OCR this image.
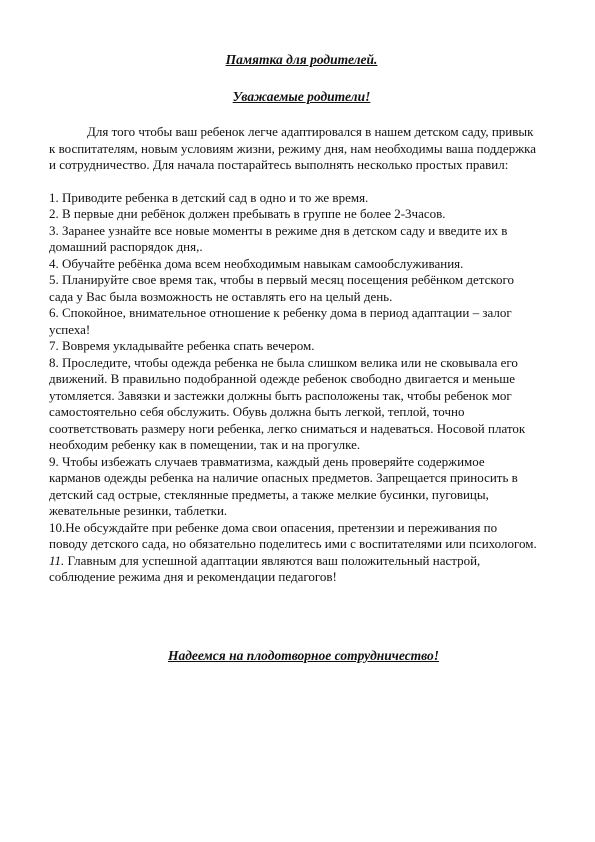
Памятка для родителей.
Уважаемые родители!

Для того чтобы ваш ребенок легче адаптировался в нашем детском саду, привык к воспитателям, новым условиям жизни, режиму дня, нам необходимы ваша поддержка и сотрудничество. Для начала постарайтесь выполнять несколько простых правил:

1. Приводите ребенка в детский сад в одно и то же время.
2. В первые дни ребёнок должен пребывать в группе не более 2-3часов.
3. Заранее узнайте все новые моменты в режиме дня в детском саду и введите их в домашний распорядок дня,.
4. Обучайте ребёнка дома всем необходимым навыкам самообслуживания.
5. Планируйте свое время так, чтобы в первый месяц посещения ребёнком детского сада у Вас была возможность не оставлять его на целый день.
6. Спокойное, внимательное отношение к ребенку дома в период адаптации – залог успеха!
7. Вовремя укладывайте ребенка спать вечером.
8. Проследите, чтобы одежда ребенка не была слишком велика или не сковывала его движений. В правильно подобранной одежде ребенок свободно двигается и меньше утомляется. Завязки и застежки должны быть расположены так, чтобы ребенок мог самостоятельно себя обслужить. Обувь должна быть легкой, теплой, точно соответствовать размеру ноги ребенка, легко сниматься и надеваться. Носовой платок необходим ребенку как в помещении, так и на прогулке.
9. Чтобы избежать случаев травматизма, каждый день проверяйте содержимое карманов одежды ребенка на наличие опасных предметов. Запрещается приносить в детский сад острые, стеклянные предметы, а также мелкие бусинки, пуговицы, жевательные резинки, таблетки.
10.Не обсуждайте при ребенке дома свои опасения, претензии и переживания по поводу детского сада, но обязательно поделитесь ими с воспитателями или психологом.
11. Главным для успешной адаптации являются ваш положительный настрой, соблюдение режима дня и рекомендации педагогов!
Надеемся на плодотворное сотрудничество!
